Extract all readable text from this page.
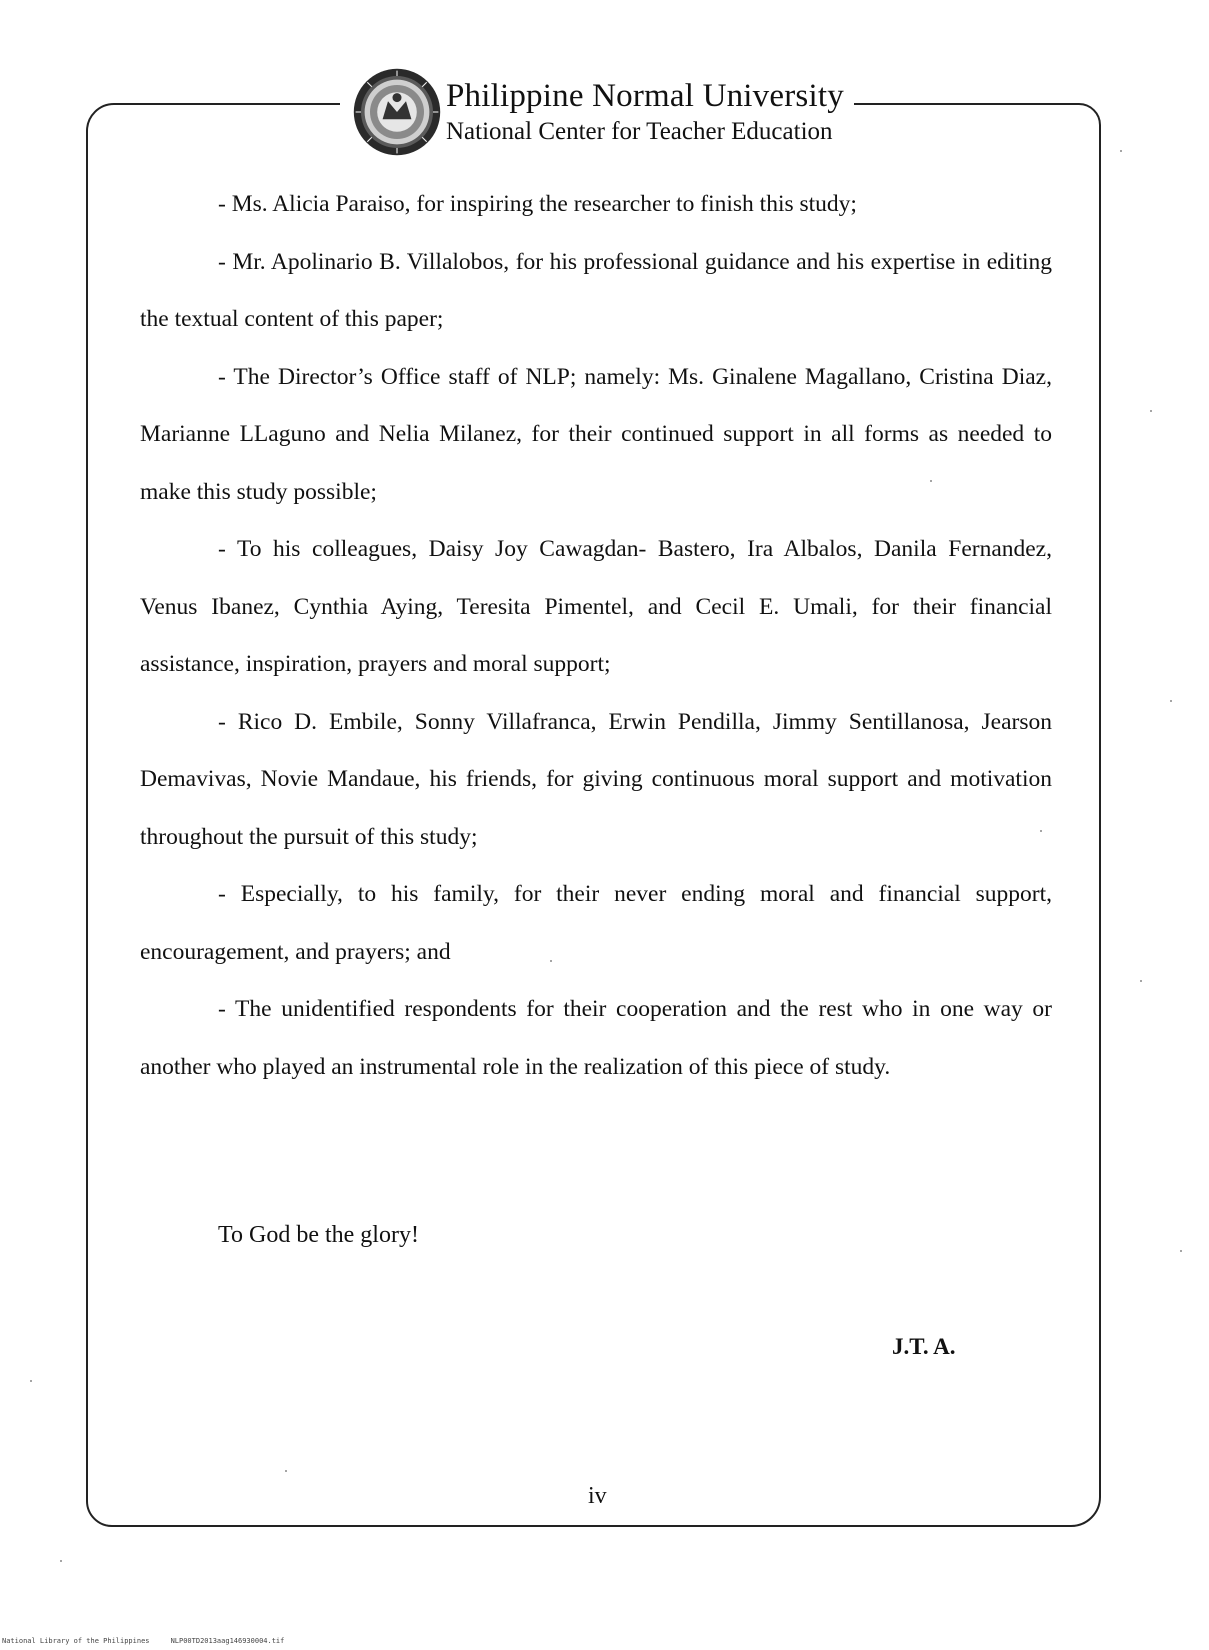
Philippine Normal University
National Center for Teacher Education

- Ms. Alicia Paraiso, for inspiring the researcher to finish this study;

- Mr. Apolinario B. Villalobos, for his professional guidance and his expertise in editing the textual content of this paper;

- The Director’s Office staff of NLP; namely: Ms. Ginalene Magallano, Cristina Diaz, Marianne LLaguno and Nelia Milanez, for their continued support in all forms as needed to make this study possible;

- To his colleagues, Daisy Joy Cawagdan- Bastero, Ira Albalos, Danila Fernandez, Venus Ibanez, Cynthia Aying, Teresita Pimentel, and Cecil E. Umali, for their financial assistance, inspiration, prayers and moral support;

- Rico D. Embile, Sonny Villafranca, Erwin Pendilla, Jimmy Sentillanosa, Jearson Demavivas, Novie Mandaue, his friends, for giving continuous moral support and motivation throughout the pursuit of this study;

- Especially, to his family, for their never ending moral and financial support, encouragement, and prayers; and

- The unidentified respondents for their cooperation and the rest who in one way or another who played an instrumental role in the realization of this piece of study.

To God be the glory!
J.T. A.
iv
National Library of the Philippines     NLP00TD2013aag146930004.tif
